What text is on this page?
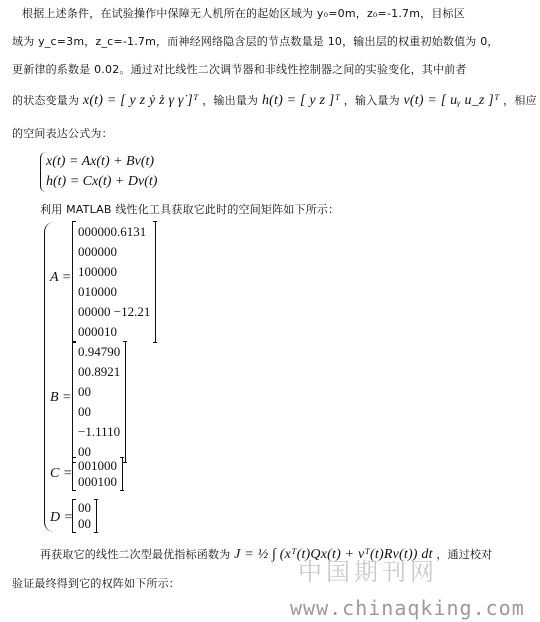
根据上述条件，在试验操作中保障无人机所在的起始区域为 y₀=0m，z₀=-1.7m，目标区
域为 y_c=3m，z_c=-1.7m，而神经网络隐含层的节点数量是 10，输出层的权重初始数值为 0，
更新律的系数是 0.02。通过对比线性二次调节器和非线性控制器之间的实验变化，其中前者
的状态变量为 x(t) = [ y z ẏ ż γ γ̇ ]ᵀ ，输出量为 h(t) = [ y z ]ᵀ ，输入量为 v(t) = [ uᵧ u_z ]ᵀ ，相应
的空间表达公式为：
x(t) = Ax(t) + Bv(t)
h(t) = Cx(t) + Dv(t)
利用 MATLAB 线性化工具获取它此时的空间矩阵如下所示：
A =
000000.6131
000000
100000
010000
00000 −12.21
000010
B =
0.94790
00.8921
00
00
−1.1110
00
C =
001000
000100
D =
00
00
再获取它的线性二次型最优指标函数为 J = ½ ∫ (xᵀ(t)Qx(t) + vᵀ(t)Rv(t)) dt ，通过校对
验证最终得到它的权阵如下所示：	中国期刊网
www.chinaqking.com
